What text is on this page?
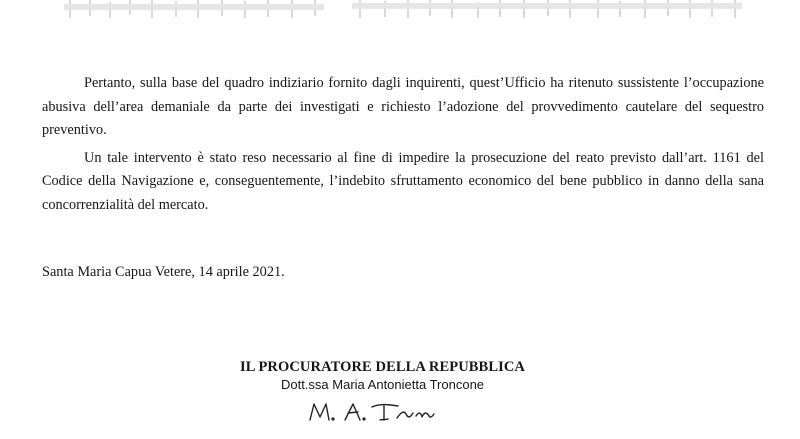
Pertanto, sulla base del quadro indiziario fornito dagli inquirenti, quest’Ufficio ha ritenuto sussistente l’occupazione abusiva dell’area demaniale da parte dei investigati e richiesto l’adozione del provvedimento cautelare del sequestro preventivo.

Un tale intervento è stato reso necessario al fine di impedire la prosecuzione del reato previsto dall’art. 1161 del Codice della Navigazione e, conseguentemente, l’indebito sfruttamento economico del bene pubblico in danno della sana concorrenzialità del mercato.

Santa Maria Capua Vetere, 14 aprile 2021.
IL PROCURATORE DELLA REPUBBLICA
Dott.ssa Maria Antonietta Troncone
